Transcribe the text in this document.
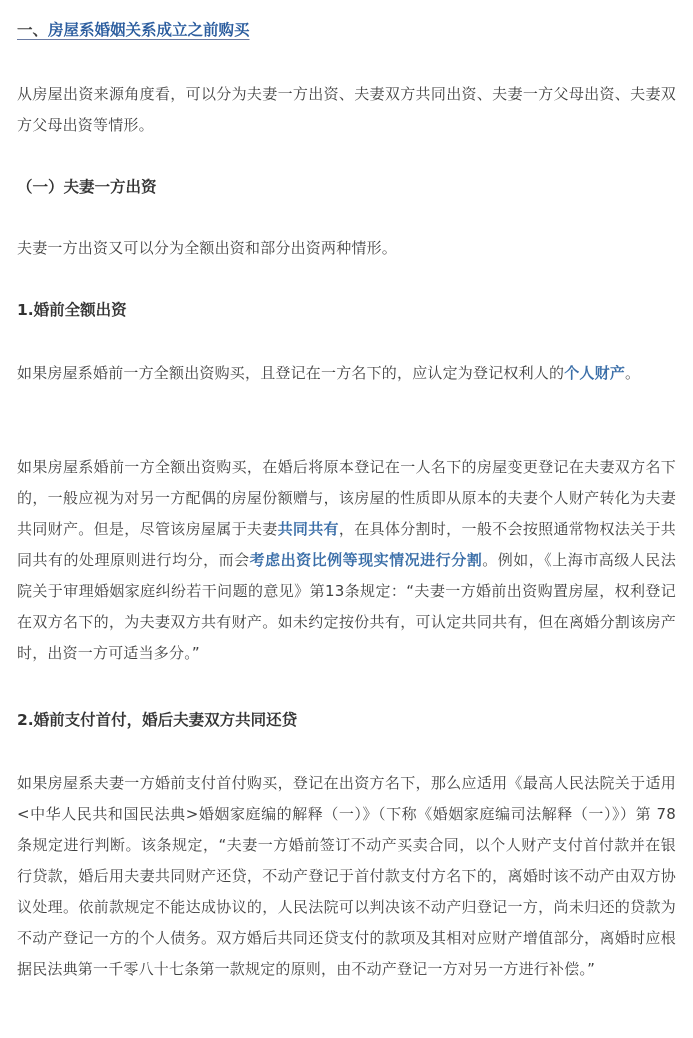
一、房屋系婚姻关系成立之前购买

从房屋出资来源角度看，可以分为夫妻一方出资、夫妻双方共同出资、夫妻一方父母出资、夫妻双方父母出资等情形。

（一）夫妻一方出资

夫妻一方出资又可以分为全额出资和部分出资两种情形。

1.婚前全额出资

如果房屋系婚前一方全额出资购买，且登记在一方名下的，应认定为登记权利人的个人财产。

如果房屋系婚前一方全额出资购买，在婚后将原本登记在一人名下的房屋变更登记在夫妻双方名下的，一般应视为对另一方配偶的房屋份额赠与，该房屋的性质即从原本的夫妻个人财产转化为夫妻共同财产。但是，尽管该房屋属于夫妻共同共有，在具体分割时，一般不会按照通常物权法关于共同共有的处理原则进行均分，而会考虑出资比例等现实情况进行分割。例如，《上海市高级人民法院关于审理婚姻家庭纠纷若干问题的意见》第13条规定：“夫妻一方婚前出资购置房屋，权利登记在双方名下的，为夫妻双方共有财产。如未约定按份共有，可认定共同共有，但在离婚分割该房产时，出资一方可适当多分。”

2.婚前支付首付，婚后夫妻双方共同还贷

如果房屋系夫妻一方婚前支付首付购买，登记在出资方名下，那么应适用《最高人民法院关于适用<中华人民共和国民法典>婚姻家庭编的解释（一）》（下称《婚姻家庭编司法解释（一）》）第 78 条规定进行判断。该条规定，“夫妻一方婚前签订不动产买卖合同，以个人财产支付首付款并在银行贷款，婚后用夫妻共同财产还贷，不动产登记于首付款支付方名下的，离婚时该不动产由双方协议处理。依前款规定不能达成协议的，人民法院可以判决该不动产归登记一方，尚未归还的贷款为不动产登记一方的个人债务。双方婚后共同还贷支付的款项及其相对应财产增值部分，离婚时应根据民法典第一千零八十七条第一款规定的原则，由不动产登记一方对另一方进行补偿。”
